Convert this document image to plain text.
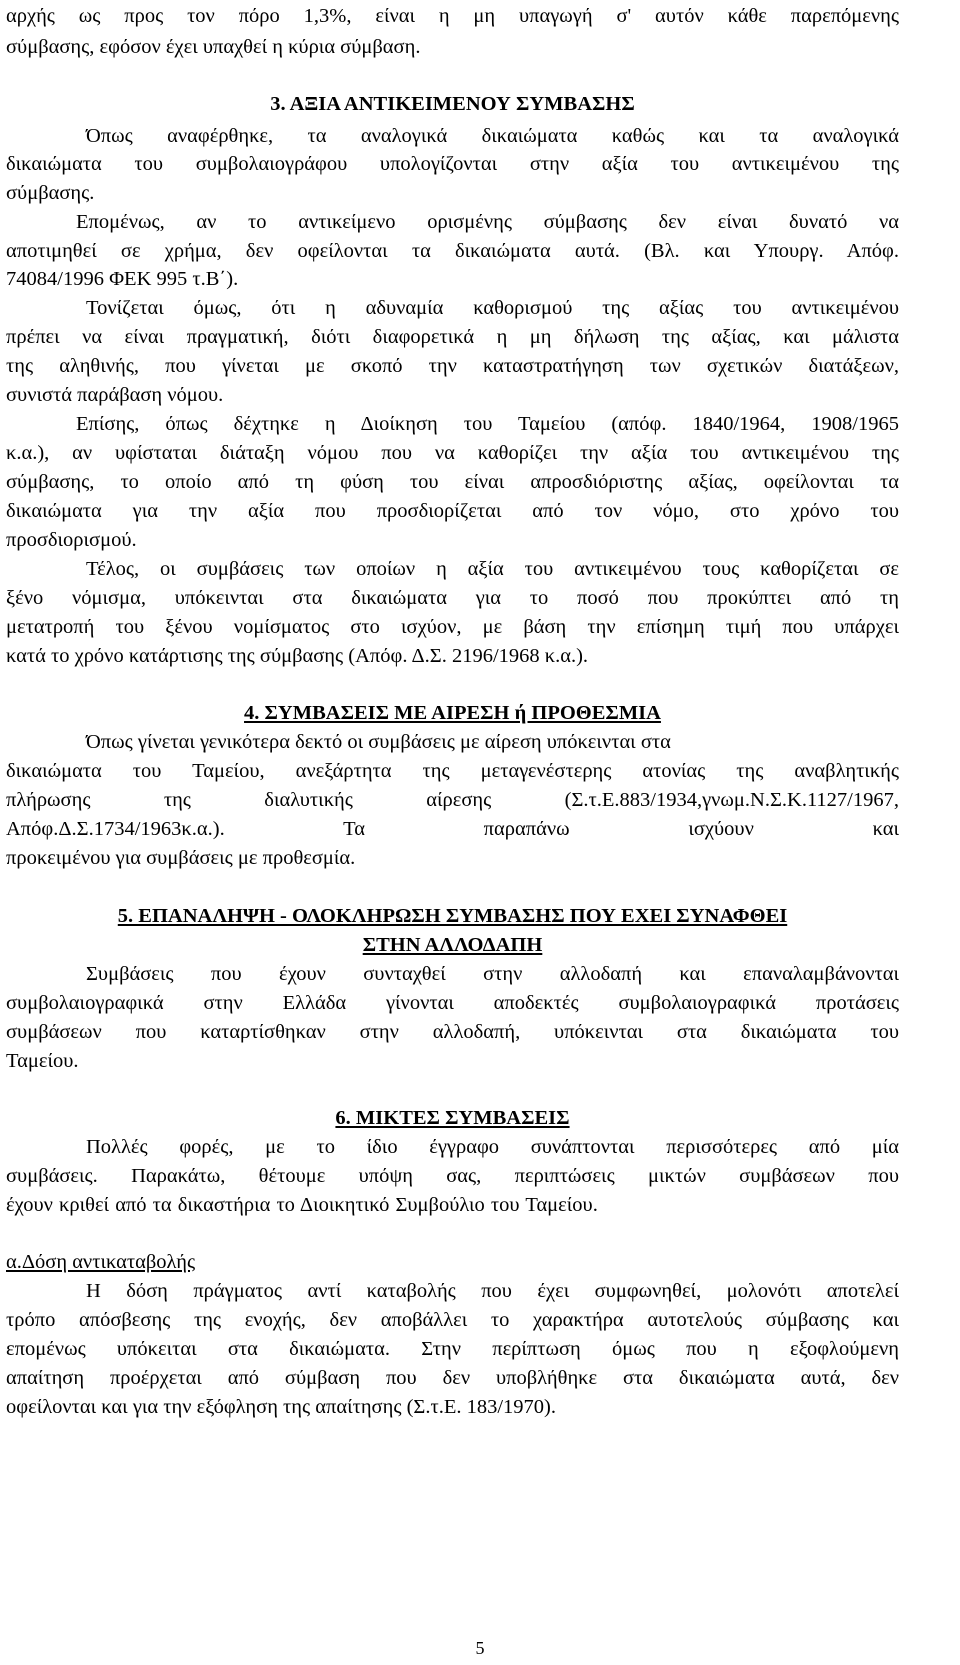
αρχής ως προς τον πόρο 1,3%, είναι η μη υπαγωγή σ' αυτόν κάθε παρεπόμενης
σύμβασης, εφόσον έχει υπαχθεί η κύρια σύμβαση.
3. ΑΞΙΑ ΑΝΤΙΚΕΙΜΕΝΟΥ ΣΥΜΒΑΣΗΣ
Όπως αναφέρθηκε, τα αναλογικά δικαιώματα καθώς και τα αναλογικά
δικαιώματα του συμβολαιογράφου υπολογίζονται στην αξία του αντικειμένου της
σύμβασης.
Επομένως, αν το αντικείμενο ορισμένης σύμβασης δεν είναι δυνατό να
αποτιμηθεί σε χρήμα, δεν οφείλονται τα δικαιώματα αυτά. (Βλ. και Υπουργ. Απόφ.
74084/1996 ΦΕΚ 995 τ.Β΄).
Τονίζεται όμως, ότι η αδυναμία καθορισμού της αξίας του αντικειμένου
πρέπει να είναι πραγματική, διότι διαφορετικά η μη δήλωση της αξίας, και μάλιστα
της αληθινής, που γίνεται με σκοπό την καταστρατήγηση των σχετικών διατάξεων,
συνιστά παράβαση νόμου.
Επίσης, όπως δέχτηκε η Διοίκηση του Ταμείου (απόφ. 1840/1964, 1908/1965
κ.α.), αν υφίσταται διάταξη νόμου που να καθορίζει την αξία του αντικειμένου της
σύμβασης, το οποίο από τη φύση του είναι απροσδιόριστης αξίας, οφείλονται τα
δικαιώματα για την αξία που προσδιορίζεται από τον νόμο, στο χρόνο του
προσδιορισμού.
Τέλος, οι συμβάσεις των οποίων η αξία του αντικειμένου τους καθορίζεται σε
ξένο νόμισμα, υπόκεινται στα δικαιώματα για το ποσό που προκύπτει από τη
μετατροπή του ξένου νομίσματος στο ισχύον, με βάση την επίσημη τιμή που υπάρχει
κατά το χρόνο κατάρτισης της σύμβασης (Απόφ. Δ.Σ. 2196/1968 κ.α.).
4. ΣΥΜΒΑΣΕΙΣ ΜΕ ΑΙΡΕΣΗ ή ΠΡΟΘΕΣΜΙΑ
Όπως γίνεται γενικότερα δεκτό οι συμβάσεις με αίρεση υπόκεινται στα
δικαιώματα του Ταμείου, ανεξάρτητα της μεταγενέστερης ατονίας της αναβλητικής
πλήρωσης της διαλυτικής αίρεσης (Σ.τ.Ε.883/1934,γνωμ.Ν.Σ.Κ.1127/1967,
Απόφ.Δ.Σ.1734/1963κ.α.). Τα παραπάνω ισχύουν και
προκειμένου για συμβάσεις με προθεσμία.
5. ΕΠΑΝΑΛΗΨΗ - ΟΛΟΚΛΗΡΩΣΗ ΣΥΜΒΑΣΗΣ ΠΟΥ ΕΧΕΙ ΣΥΝΑΦΘΕΙ
ΣΤΗΝ ΑΛΛΟΔΑΠΗ
Συμβάσεις που έχουν συνταχθεί στην αλλοδαπή και επαναλαμβάνονται
συμβολαιογραφικά στην Ελλάδα γίνονται αποδεκτές συμβολαιογραφικά προτάσεις
συμβάσεων που καταρτίσθηκαν στην αλλοδαπή, υπόκεινται στα δικαιώματα του
Ταμείου.
6. ΜΙΚΤΕΣ ΣΥΜΒΑΣΕΙΣ
Πολλές φορές, με το ίδιο έγγραφο συνάπτονται περισσότερες από μία
συμβάσεις. Παρακάτω, θέτουμε υπόψη σας, περιπτώσεις μικτών συμβάσεων που
έχουν κριθεί από τα δικαστήρια το Διοικητικό Συμβούλιο του Ταμείου.
α.Δόση αντικαταβολής
Η δόση πράγματος αντί καταβολής που έχει συμφωνηθεί, μολονότι αποτελεί
τρόπο απόσβεσης της ενοχής, δεν αποβάλλει το χαρακτήρα αυτοτελούς σύμβασης και
επομένως υπόκειται στα δικαιώματα. Στην περίπτωση όμως που η εξοφλούμενη
απαίτηση προέρχεται από σύμβαση που δεν υποβλήθηκε στα δικαιώματα αυτά, δεν
οφείλονται και για την εξόφληση της απαίτησης (Σ.τ.Ε. 183/1970).
5
